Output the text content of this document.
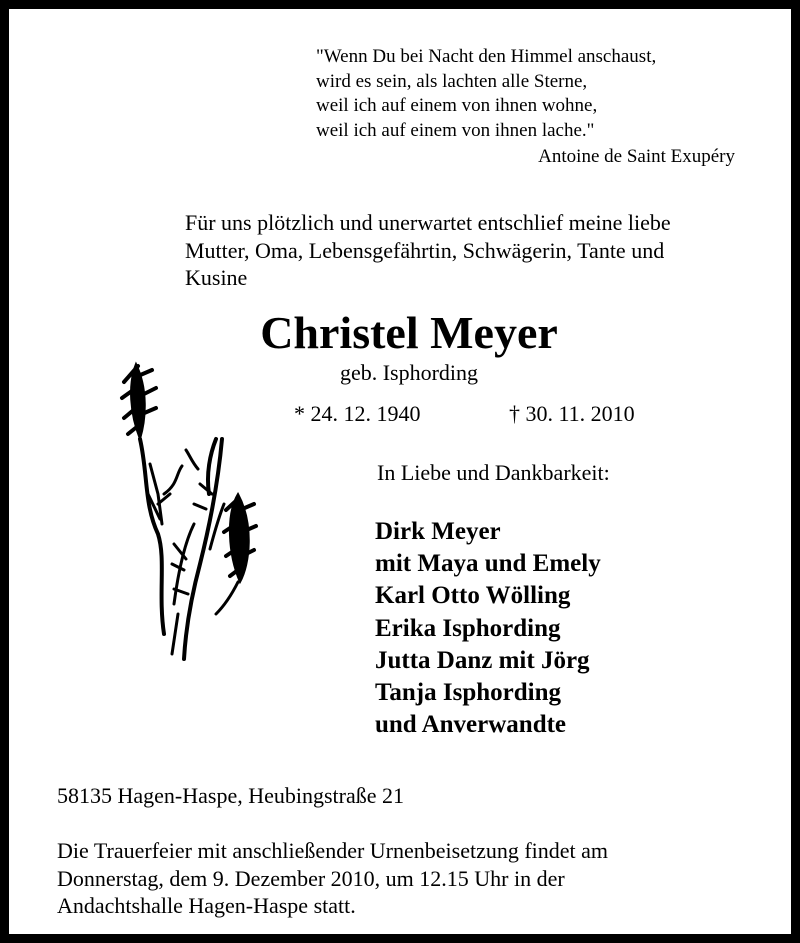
"Wenn Du bei Nacht den Himmel anschaust,
wird es sein, als lachten alle Sterne,
weil ich auf einem von ihnen wohne,
weil ich auf einem von ihnen lache."
Antoine de Saint Exupéry
Für uns plötzlich und unerwartet entschlief meine liebe
Mutter, Oma, Lebensgefährtin, Schwägerin, Tante und
Kusine
Christel Meyer
geb. Isphording
* 24. 12. 1940	† 30. 11. 2010
In Liebe und Dankbarkeit:
Dirk Meyer
mit Maya und Emely
Karl Otto Wölling
Erika Isphording
Jutta Danz mit Jörg
Tanja Isphording
und Anverwandte
58135 Hagen-Haspe, Heubingstraße 21
Die Trauerfeier mit anschließender Urnenbeisetzung findet am
Donnerstag, dem 9. Dezember 2010, um 12.15 Uhr in der
Andachtshalle Hagen-Haspe statt.
